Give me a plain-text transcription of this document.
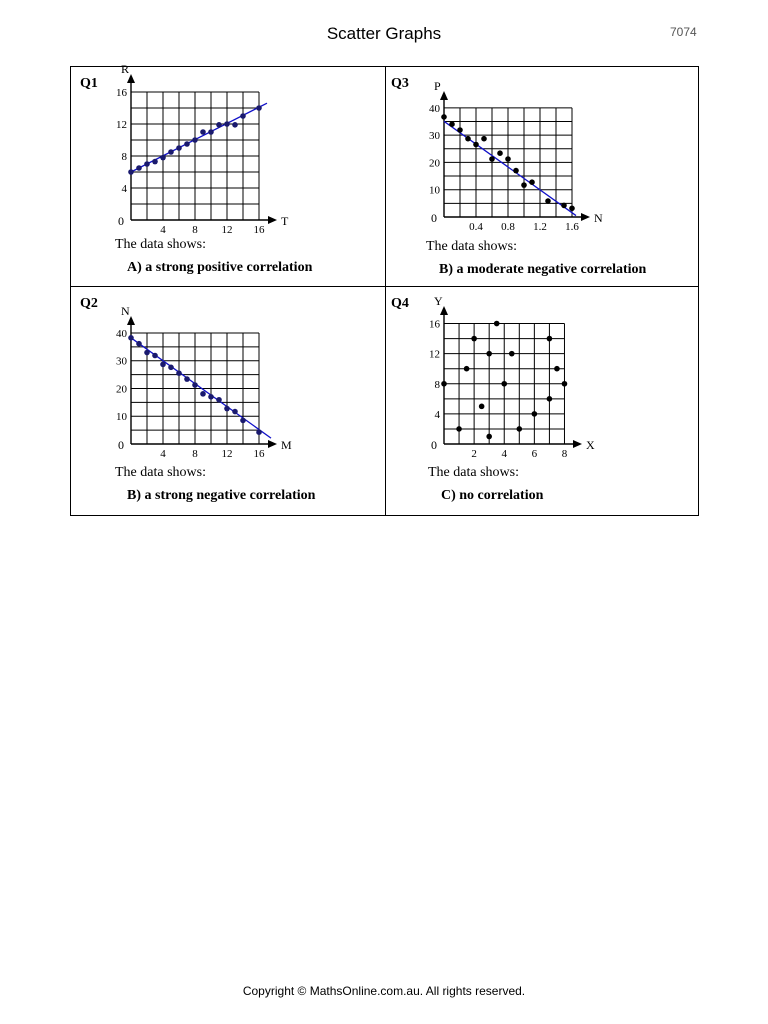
Scatter Graphs	7074
Q1
T
R
0
4 8 12 16
4
8
12
16
The data shows:
A) a strong positive correlation
Q3
N
P
0
0.4 0.8 1.2 1.6
10
20
30
40
The data shows:
B) a moderate negative correlation
Q2
M
N
0
4 8 12 16
10
20
30
40
The data shows:
B) a strong negative correlation
Q4
X
Y
0
2 4 6 8
4
8
12
16
The data shows:
C) no correlation
Copyright © MathsOnline.com.au. All rights reserved.
